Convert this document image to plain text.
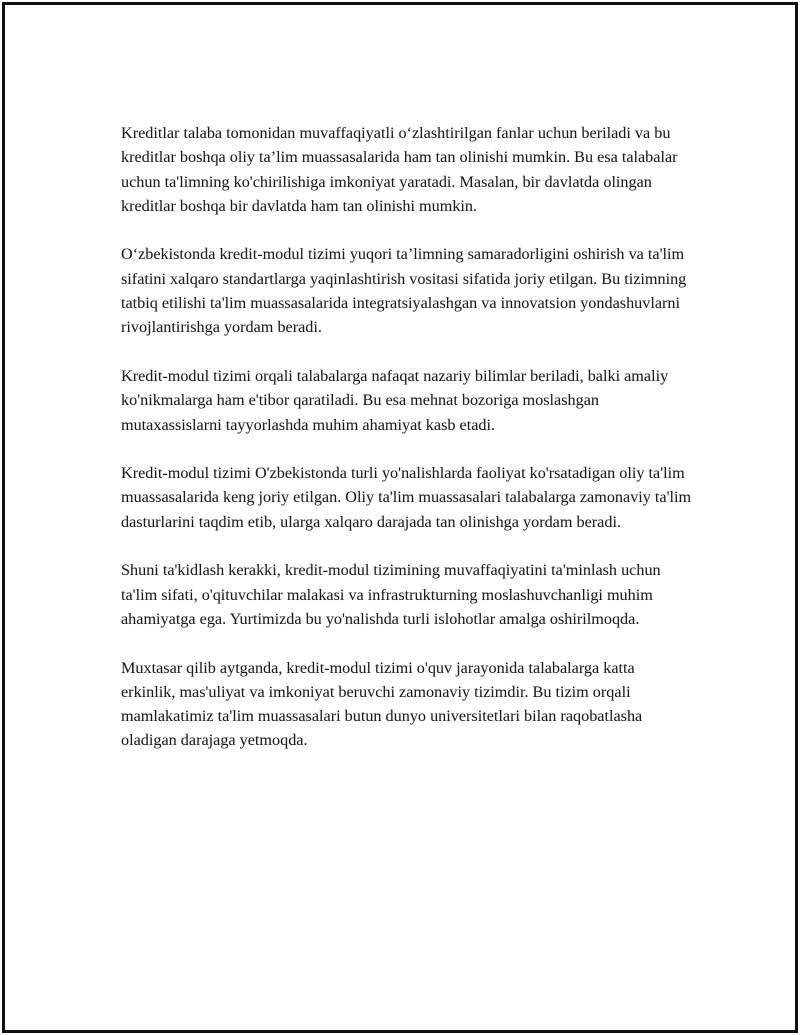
Kreditlar talaba tomonidan muvaffaqiyatli o‘zlashtirilgan fanlar uchun beriladi va bu kreditlar boshqa oliy ta’lim muassasalarida ham tan olinishi mumkin. Bu esa talabalar uchun ta'limning ko'chirilishiga imkoniyat yaratadi. Masalan, bir davlatda olingan kreditlar boshqa bir davlatda ham tan olinishi mumkin.

O‘zbekistonda kredit-modul tizimi yuqori ta’limning samaradorligini oshirish va ta'lim sifatini xalqaro standartlarga yaqinlashtirish vositasi sifatida joriy etilgan. Bu tizimning tatbiq etilishi ta'lim muassasalarida integratsiyalashgan va innovatsion yondashuvlarni rivojlantirishga yordam beradi.

Kredit-modul tizimi orqali talabalarga nafaqat nazariy bilimlar beriladi, balki amaliy ko'nikmalarga ham e'tibor qaratiladi. Bu esa mehnat bozoriga moslashgan mutaxassislarni tayyorlashda muhim ahamiyat kasb etadi.

Kredit-modul tizimi O'zbekistonda turli yo'nalishlarda faoliyat ko'rsatadigan oliy ta'lim muassasalarida keng joriy etilgan. Oliy ta'lim muassasalari talabalarga zamonaviy ta'lim dasturlarini taqdim etib, ularga xalqaro darajada tan olinishga yordam beradi.

Shuni ta'kidlash kerakki, kredit-modul tizimining muvaffaqiyatini ta'minlash uchun ta'lim sifati, o'qituvchilar malakasi va infrastrukturning moslashuvchanligi muhim ahamiyatga ega. Yurtimizda bu yo'nalishda turli islohotlar amalga oshirilmoqda.

Muxtasar qilib aytganda, kredit-modul tizimi o'quv jarayonida talabalarga katta erkinlik, mas'uliyat va imkoniyat beruvchi zamonaviy tizimdir. Bu tizim orqali mamlakatimiz ta'lim muassasalari butun dunyo universitetlari bilan raqobatlasha oladigan darajaga yetmoqda.
